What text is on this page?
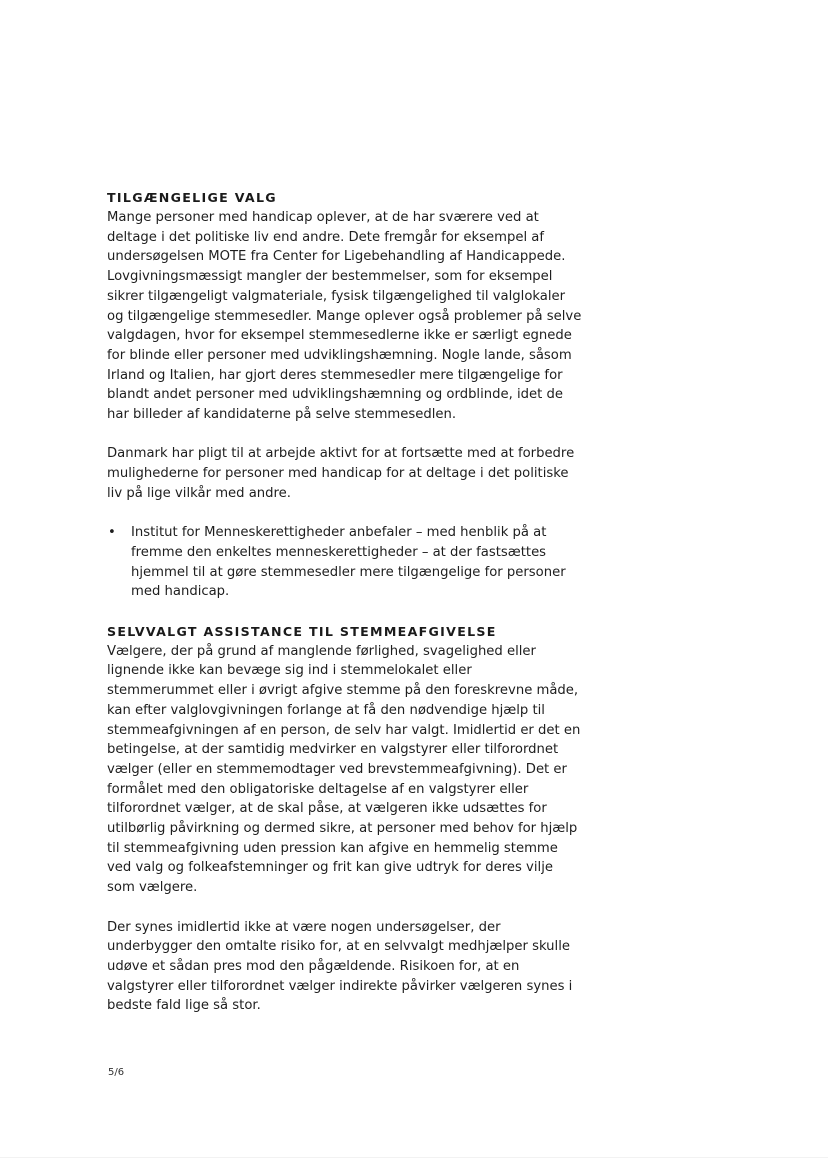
TILGÆNGELIGE VALG

Mange personer med handicap oplever, at de har sværere ved at deltage i det politiske liv end andre. Dete fremgår for eksempel af undersøgelsen MOTE fra Center for Ligebehandling af Handicappede. Lovgivningsmæssigt mangler der bestemmelser, som for eksempel sikrer tilgængeligt valgmateriale, fysisk tilgængelighed til valglokaler og tilgængelige stemmesedler. Mange oplever også problemer på selve valgdagen, hvor for eksempel stemmesedlerne ikke er særligt egnede for blinde eller personer med udviklingshæmning. Nogle lande, såsom Irland og Italien, har gjort deres stemmesedler mere tilgængelige for blandt andet personer med udviklingshæmning og ordblinde, idet de har billeder af kandidaterne på selve stemmesedlen.

Danmark har pligt til at arbejde aktivt for at fortsætte med at forbedre mulighederne for personer med handicap for at deltage i det politiske liv på lige vilkår med andre.

• Institut for Menneskerettigheder anbefaler – med henblik på at fremme den enkeltes menneskerettigheder – at der fastsættes hjemmel til at gøre stemmesedler mere tilgængelige for personer med handicap.
SELVVALGT ASSISTANCE TIL STEMMEAFGIVELSE

Vælgere, der på grund af manglende førlighed, svagelighed eller lignende ikke kan bevæge sig ind i stemmelokalet eller stemmerummet eller i øvrigt afgive stemme på den foreskrevne måde, kan efter valglovgivningen forlange at få den nødvendige hjælp til stemmeafgivningen af en person, de selv har valgt. Imidlertid er det en betingelse, at der samtidig medvirker en valgstyrer eller tilforordnet vælger (eller en stemmemodtager ved brevstemmeafgivning). Det er formålet med den obligatoriske deltagelse af en valgstyrer eller tilforordnet vælger, at de skal påse, at vælgeren ikke udsættes for utilbørlig påvirkning og dermed sikre, at personer med behov for hjælp til stemmeafgivning uden pression kan afgive en hemmelig stemme ved valg og folkeafstemninger og frit kan give udtryk for deres vilje som vælgere.

Der synes imidlertid ikke at være nogen undersøgelser, der underbygger den omtalte risiko for, at en selvvalgt medhjælper skulle udøve et sådan pres mod den pågældende. Risikoen for, at en valgstyrer eller tilforordnet vælger indirekte påvirker vælgeren synes i bedste fald lige så stor.

5/6
